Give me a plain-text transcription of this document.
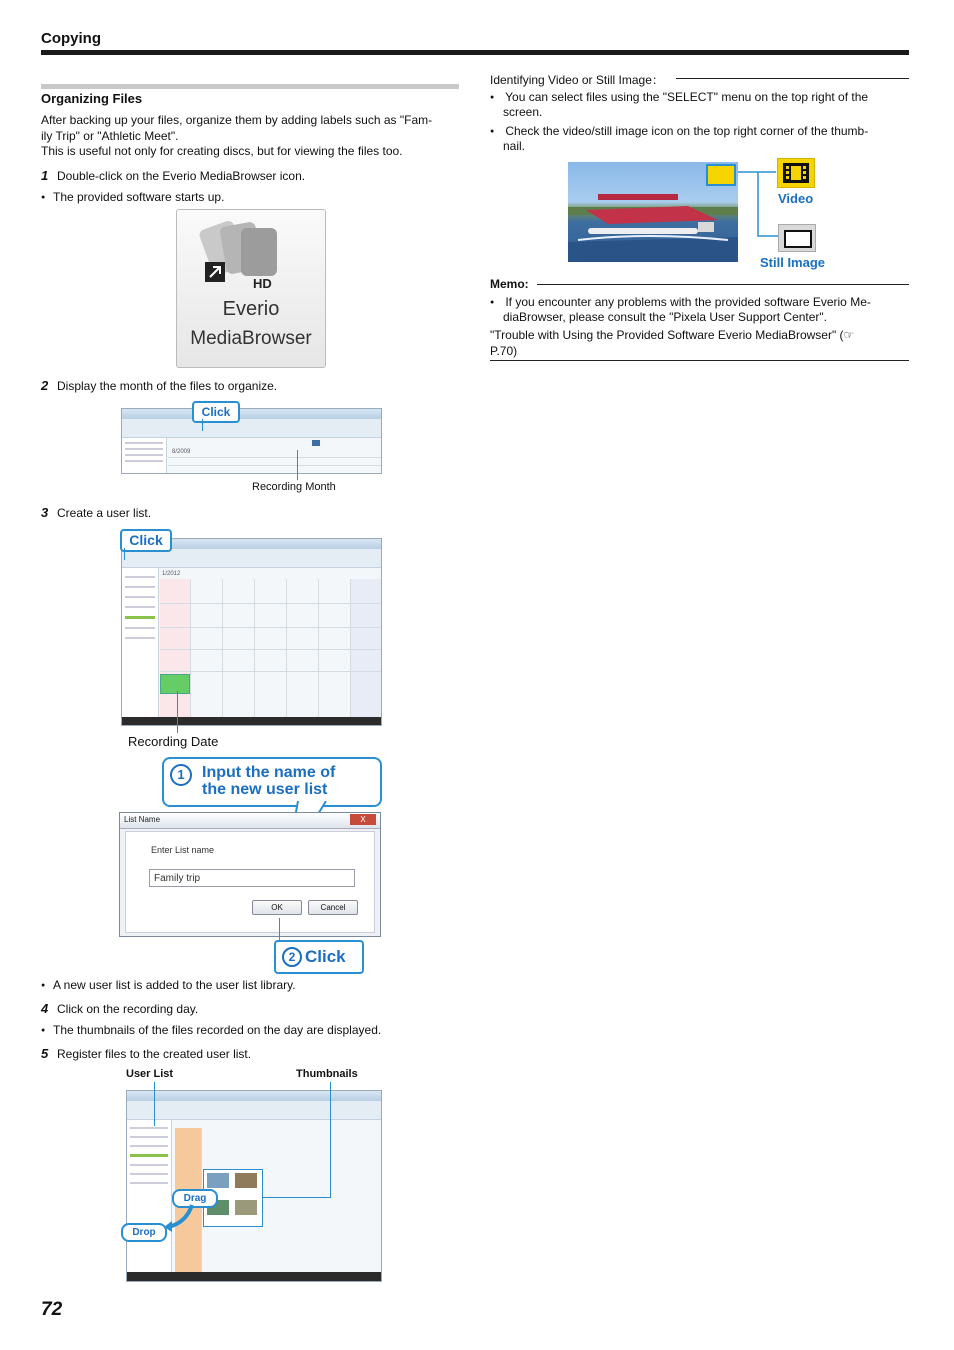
Copying
Organizing Files
After backing up your files, organize them by adding labels such as "Fam-
ily Trip" or "Athletic Meet".
This is useful not only for creating discs, but for viewing the files too.
1 Double-click on the Everio MediaBrowser icon.
● The provided software starts up.
HD
Everio
MediaBrowser
2 Display the month of the files to organize.
8/2009
Click
Recording Month
3 Create a user list.
1/2012
Click
Recording Date
1	Input the name of
the new user list
List Name	X
Enter List name
Family trip
OK	Cancel
2 Click
● A new user list is added to the user list library.
4 Click on the recording day.
● The thumbnails of the files recorded on the day are displayed.
5 Register files to the created user list.
User List	Thumbnails
Drag
Drop
Identifying Video or Still Image：
● You can select files using the "SELECT" menu on the top right of the
screen.
● Check the video/still image icon on the top right corner of the thumb-
nail.
Video
Still Image
Memo:
● If you encounter any problems with the provided software Everio Me-
diaBrowser, please consult the "Pixela User Support Center".
"Trouble with Using the Provided Software Everio MediaBrowser" (☞
P.70)
72
